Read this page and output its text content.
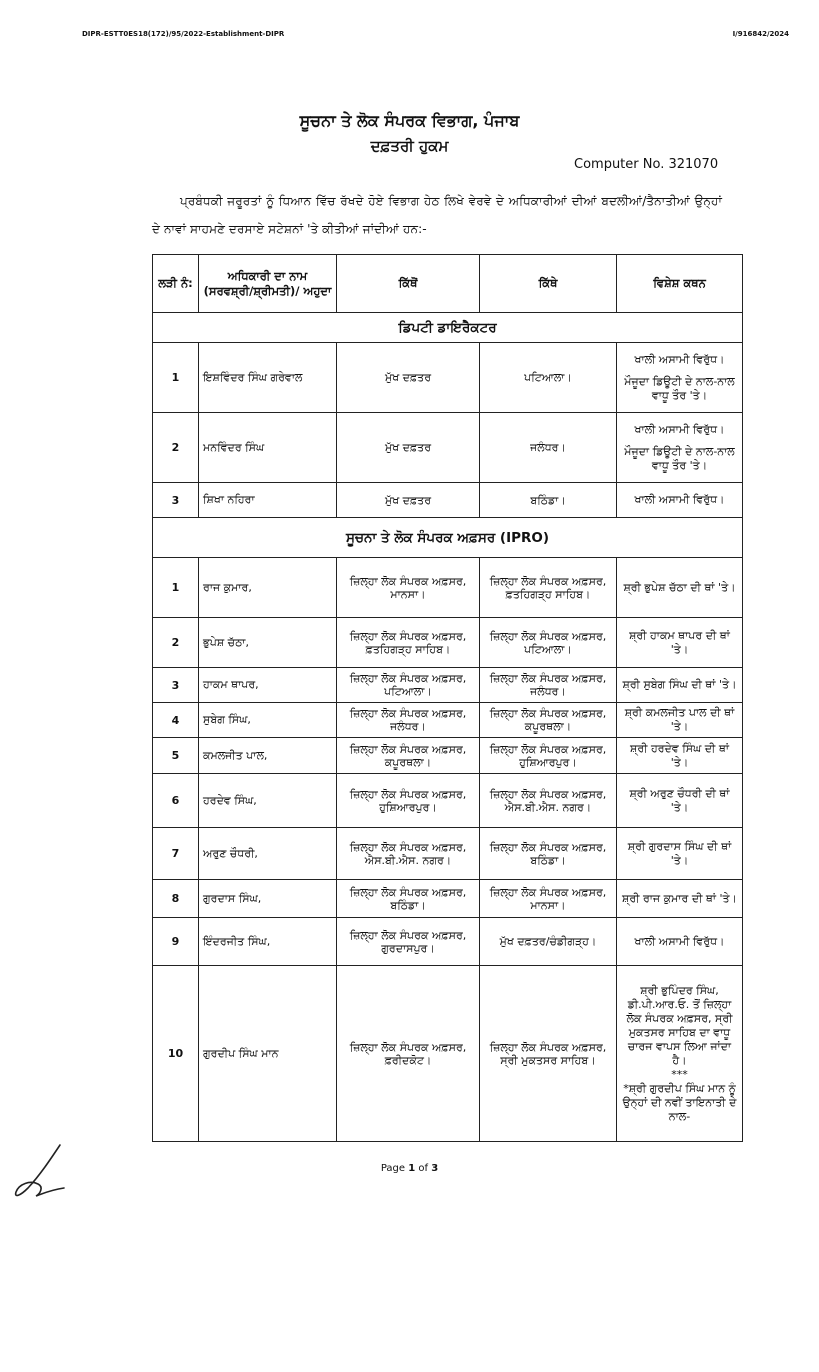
DIPR-ESTT0ES18(172)/95/2022-Establishment-DIPR	I/916842/2024
ਸੂਚਨਾ ਤੇ ਲੋਕ ਸੰਪਰਕ ਵਿਭਾਗ, ਪੰਜਾਬ
ਦਫ਼ਤਰੀ ਹੁਕਮ
Computer No. 321070
ਪ੍ਰਬੰਧਕੀ ਜਰੂਰਤਾਂ ਨੂੰ ਧਿਆਨ ਵਿੱਚ ਰੱਖਦੇ ਹੋਏ ਵਿਭਾਗ ਹੇਠ ਲਿਖੇ ਵੇਰਵੇ ਦੇ ਅਧਿਕਾਰੀਆਂ ਦੀਆਂ ਬਦਲੀਆਂ/ਤੈਨਾਤੀਆਂ ਉਨ੍ਹਾਂ ਦੇ ਨਾਵਾਂ ਸਾਹਮਣੇ ਦਰਸਾਏ ਸਟੇਸ਼ਨਾਂ 'ਤੇ ਕੀਤੀਆਂ ਜਾਂਦੀਆਂ ਹਨ:-
ਲੜੀ ਨੰ:	ਅਧਿਕਾਰੀ ਦਾ ਨਾਮ (ਸਰਵਸ਼੍ਰੀ/ਸ਼੍ਰੀਮਤੀ)/ ਅਹੁਦਾ	ਕਿੱਥੋਂ	ਕਿੱਥੇ	ਵਿਸ਼ੇਸ਼ ਕਥਨ
ਡਿਪਟੀ ਡਾਇਰੈਕਟਰ				
1	ਇਸ਼ਵਿੰਦਰ ਸਿੰਘ ਗਰੇਵਾਲ	ਮੁੱਖ ਦਫ਼ਤਰ	ਪਟਿਆਲਾ।	ਖਾਲੀ ਅਸਾਮੀ ਵਿਰੁੱਧ।
ਮੌਜੂਦਾ ਡਿਊਟੀ ਦੇ ਨਾਲ-ਨਾਲ ਵਾਧੂ ਤੌਰ 'ਤੇ।

2	ਮਨਵਿੰਦਰ ਸਿੰਘ	ਮੁੱਖ ਦਫ਼ਤਰ	ਜਲੰਧਰ।	ਖਾਲੀ ਅਸਾਮੀ ਵਿਰੁੱਧ।
ਮੌਜੂਦਾ ਡਿਊਟੀ ਦੇ ਨਾਲ-ਨਾਲ ਵਾਧੂ ਤੌਰ 'ਤੇ।

3	ਸ਼ਿਖਾ ਨਹਿਰਾ	ਮੁੱਖ ਦਫ਼ਤਰ	ਬਠਿੰਡਾ।	ਖਾਲੀ ਅਸਾਮੀ ਵਿਰੁੱਧ।
ਸੂਚਨਾ ਤੇ ਲੋਕ ਸੰਪਰਕ ਅਫ਼ਸਰ (IPRO)				
1	ਰਾਜ ਕੁਮਾਰ,	ਜ਼ਿਲ੍ਹਾ ਲੋਕ ਸੰਪਰਕ ਅਫ਼ਸਰ, ਮਾਨਸਾ।	ਜ਼ਿਲ੍ਹਾ ਲੋਕ ਸੰਪਰਕ ਅਫ਼ਸਰ, ਫ਼ਤਹਿਗੜ੍ਹ ਸਾਹਿਬ।	ਸ਼੍ਰੀ ਭੁਪੇਸ਼ ਚੱਠਾ ਦੀ ਥਾਂ 'ਤੇ।
2	ਭੁਪੇਸ਼ ਚੱਠਾ,	ਜ਼ਿਲ੍ਹਾ ਲੋਕ ਸੰਪਰਕ ਅਫ਼ਸਰ, ਫ਼ਤਹਿਗੜ੍ਹ ਸਾਹਿਬ।	ਜ਼ਿਲ੍ਹਾ ਲੋਕ ਸੰਪਰਕ ਅਫ਼ਸਰ, ਪਟਿਆਲਾ।	ਸ਼੍ਰੀ ਹਾਕਮ ਥਾਪਰ ਦੀ ਥਾਂ 'ਤੇ।
3	ਹਾਕਮ ਥਾਪਰ,	ਜ਼ਿਲ੍ਹਾ ਲੋਕ ਸੰਪਰਕ ਅਫ਼ਸਰ, ਪਟਿਆਲਾ।	ਜ਼ਿਲ੍ਹਾ ਲੋਕ ਸੰਪਰਕ ਅਫ਼ਸਰ, ਜਲੰਧਰ।	ਸ਼੍ਰੀ ਸੁਬੇਗ ਸਿੰਘ ਦੀ ਥਾਂ 'ਤੇ।
4	ਸੁਬੇਗ ਸਿੰਘ,	ਜ਼ਿਲ੍ਹਾ ਲੋਕ ਸੰਪਰਕ ਅਫ਼ਸਰ, ਜਲੰਧਰ।	ਜ਼ਿਲ੍ਹਾ ਲੋਕ ਸੰਪਰਕ ਅਫ਼ਸਰ, ਕਪੂਰਥਲਾ।	ਸ਼੍ਰੀ ਕਮਲਜੀਤ ਪਾਲ ਦੀ ਥਾਂ 'ਤੇ।
5	ਕਮਲਜੀਤ ਪਾਲ,	ਜ਼ਿਲ੍ਹਾ ਲੋਕ ਸੰਪਰਕ ਅਫ਼ਸਰ, ਕਪੂਰਥਲਾ।	ਜ਼ਿਲ੍ਹਾ ਲੋਕ ਸੰਪਰਕ ਅਫ਼ਸਰ, ਹੁਸ਼ਿਆਰਪੁਰ।	ਸ਼੍ਰੀ ਹਰਦੇਵ ਸਿੰਘ ਦੀ ਥਾਂ 'ਤੇ।
6	ਹਰਦੇਵ ਸਿੰਘ,	ਜ਼ਿਲ੍ਹਾ ਲੋਕ ਸੰਪਰਕ ਅਫ਼ਸਰ, ਹੁਸ਼ਿਆਰਪੁਰ।	ਜ਼ਿਲ੍ਹਾ ਲੋਕ ਸੰਪਰਕ ਅਫ਼ਸਰ, ਐਸ.ਬੀ.ਐਸ. ਨਗਰ।	ਸ਼੍ਰੀ ਅਰੁਣ ਚੌਧਰੀ ਦੀ ਥਾਂ 'ਤੇ।
7	ਅਰੁਣ ਚੌਧਰੀ,	ਜ਼ਿਲ੍ਹਾ ਲੋਕ ਸੰਪਰਕ ਅਫ਼ਸਰ, ਐਸ.ਬੀ.ਐਸ. ਨਗਰ।	ਜ਼ਿਲ੍ਹਾ ਲੋਕ ਸੰਪਰਕ ਅਫ਼ਸਰ, ਬਠਿੰਡਾ।	ਸ਼੍ਰੀ ਗੁਰਦਾਸ ਸਿੰਘ ਦੀ ਥਾਂ 'ਤੇ।
8	ਗੁਰਦਾਸ ਸਿੰਘ,	ਜ਼ਿਲ੍ਹਾ ਲੋਕ ਸੰਪਰਕ ਅਫ਼ਸਰ, ਬਠਿੰਡਾ।	ਜ਼ਿਲ੍ਹਾ ਲੋਕ ਸੰਪਰਕ ਅਫ਼ਸਰ, ਮਾਨਸਾ।	ਸ਼੍ਰੀ ਰਾਜ ਕੁਮਾਰ ਦੀ ਥਾਂ 'ਤੇ।
9	ਇੰਦਰਜੀਤ ਸਿੰਘ,	ਜ਼ਿਲ੍ਹਾ ਲੋਕ ਸੰਪਰਕ ਅਫ਼ਸਰ, ਗੁਰਦਾਸਪੁਰ।	ਮੁੱਖ ਦਫ਼ਤਰ/ਚੰਡੀਗੜ੍ਹ।	ਖਾਲੀ ਅਸਾਮੀ ਵਿਰੁੱਧ।
10	ਗੁਰਦੀਪ ਸਿੰਘ ਮਾਨ	ਜ਼ਿਲ੍ਹਾ ਲੋਕ ਸੰਪਰਕ ਅਫ਼ਸਰ, ਫ਼ਰੀਦਕੋਟ।	ਜ਼ਿਲ੍ਹਾ ਲੋਕ ਸੰਪਰਕ ਅਫ਼ਸਰ, ਸ੍ਰੀ ਮੁਕਤਸਰ ਸਾਹਿਬ।	ਸ਼੍ਰੀ ਭੁਪਿੰਦਰ ਸਿੰਘ, ਡੀ.ਪੀ.ਆਰ.ਓ. ਤੋਂ ਜ਼ਿਲ੍ਹਾ ਲੋਕ ਸੰਪਰਕ ਅਫ਼ਸਰ, ਸ੍ਰੀ ਮੁਕਤਸਰ ਸਾਹਿਬ ਦਾ ਵਾਧੂ ਚਾਰਜ ਵਾਪਸ ਲਿਆ ਜਾਂਦਾ ਹੈ।
***
*ਸ਼੍ਰੀ ਗੁਰਦੀਪ ਸਿੰਘ ਮਾਨ ਨੂੰ ਉਨ੍ਹਾਂ ਦੀ ਨਵੀਂ ਤਾਇਨਾਤੀ ਦੇ ਨਾਲ-
Page 1 of 3
